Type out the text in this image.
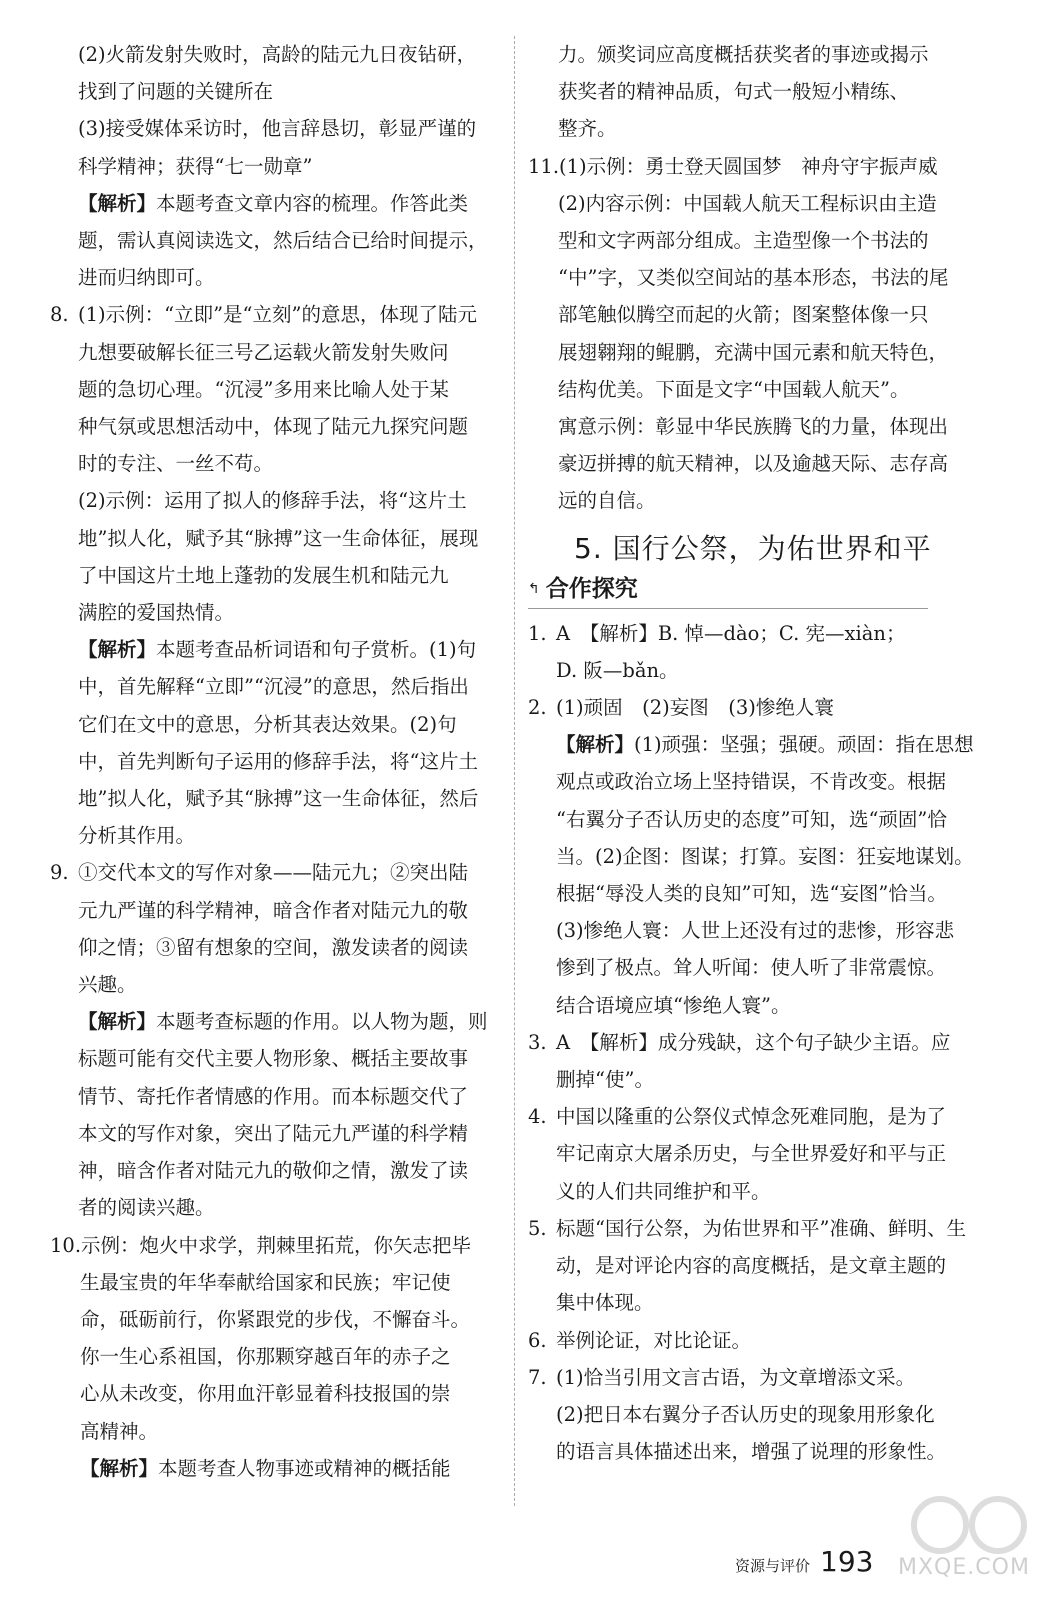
(2)火箭发射失败时，高龄的陆元九日夜钻研，
找到了问题的关键所在
(3)接受媒体采访时，他言辞恳切，彰显严谨的
科学精神；获得“七一勋章”
【解析】本题考查文章内容的梳理。作答此类
题，需认真阅读选文，然后结合已给时间提示，
进而归纳即可。
8. (1)示例：“立即”是“立刻”的意思，体现了陆元
九想要破解长征三号乙运载火箭发射失败问
题的急切心理。“沉浸”多用来比喻人处于某
种气氛或思想活动中，体现了陆元九探究问题
时的专注、一丝不苟。
(2)示例：运用了拟人的修辞手法，将“这片土
地”拟人化，赋予其“脉搏”这一生命体征，展现
了中国这片土地上蓬勃的发展生机和陆元九
满腔的爱国热情。
【解析】本题考查品析词语和句子赏析。(1)句
中，首先解释“立即”“沉浸”的意思，然后指出
它们在文中的意思，分析其表达效果。(2)句
中，首先判断句子运用的修辞手法，将“这片土
地”拟人化，赋予其“脉搏”这一生命体征，然后
分析其作用。
9. ①交代本文的写作对象——陆元九；②突出陆
元九严谨的科学精神，暗含作者对陆元九的敬
仰之情；③留有想象的空间，激发读者的阅读
兴趣。
【解析】本题考查标题的作用。以人物为题，则
标题可能有交代主要人物形象、概括主要故事
情节、寄托作者情感的作用。而本标题交代了
本文的写作对象，突出了陆元九严谨的科学精
神，暗含作者对陆元九的敬仰之情，激发了读
者的阅读兴趣。
10.示例：炮火中求学，荆棘里拓荒，你矢志把毕
生最宝贵的年华奉献给国家和民族；牢记使
命，砥砺前行，你紧跟党的步伐，不懈奋斗。
你一生心系祖国，你那颗穿越百年的赤子之
心从未改变，你用血汗彰显着科技报国的崇
高精神。
【解析】本题考查人物事迹或精神的概括能
力。颁奖词应高度概括获奖者的事迹或揭示
获奖者的精神品质，句式一般短小精练、
整齐。
11.(1)示例：勇士登天圆国梦　神舟守宇振声威
(2)内容示例：中国载人航天工程标识由主造
型和文字两部分组成。主造型像一个书法的
“中”字，又类似空间站的基本形态，书法的尾
部笔触似腾空而起的火箭；图案整体像一只
展翅翱翔的鲲鹏，充满中国元素和航天特色，
结构优美。下面是文字“中国载人航天”。
寓意示例：彰显中华民族腾飞的力量，体现出
豪迈拼搏的航天精神，以及逾越天际、志存高
远的自信。
5. 国行公祭，为佑世界和平
↰ 合作探究
1. A　【解析】B. 悼—dào；C. 宪—xiàn；
D. 阪—bǎn。
2. (1)顽固　(2)妄图　(3)惨绝人寰
【解析】(1)顽强：坚强；强硬。顽固：指在思想
观点或政治立场上坚持错误，不肯改变。根据
“右翼分子否认历史的态度”可知，选“顽固”恰
当。(2)企图：图谋；打算。妄图：狂妄地谋划。
根据“辱没人类的良知”可知，选“妄图”恰当。
(3)惨绝人寰：人世上还没有过的悲惨，形容悲
惨到了极点。耸人听闻：使人听了非常震惊。
结合语境应填“惨绝人寰”。
3. A　【解析】成分残缺，这个句子缺少主语。应
删掉“使”。
4. 中国以隆重的公祭仪式悼念死难同胞，是为了
牢记南京大屠杀历史，与全世界爱好和平与正
义的人们共同维护和平。
5. 标题“国行公祭，为佑世界和平”准确、鲜明、生
动，是对评论内容的高度概括，是文章主题的
集中体现。
6. 举例论证，对比论证。
7. (1)恰当引用文言古语，为文章增添文采。
(2)把日本右翼分子否认历史的现象用形象化
的语言具体描述出来，增强了说理的形象性。
资源与评价 193 MXQE.COM
